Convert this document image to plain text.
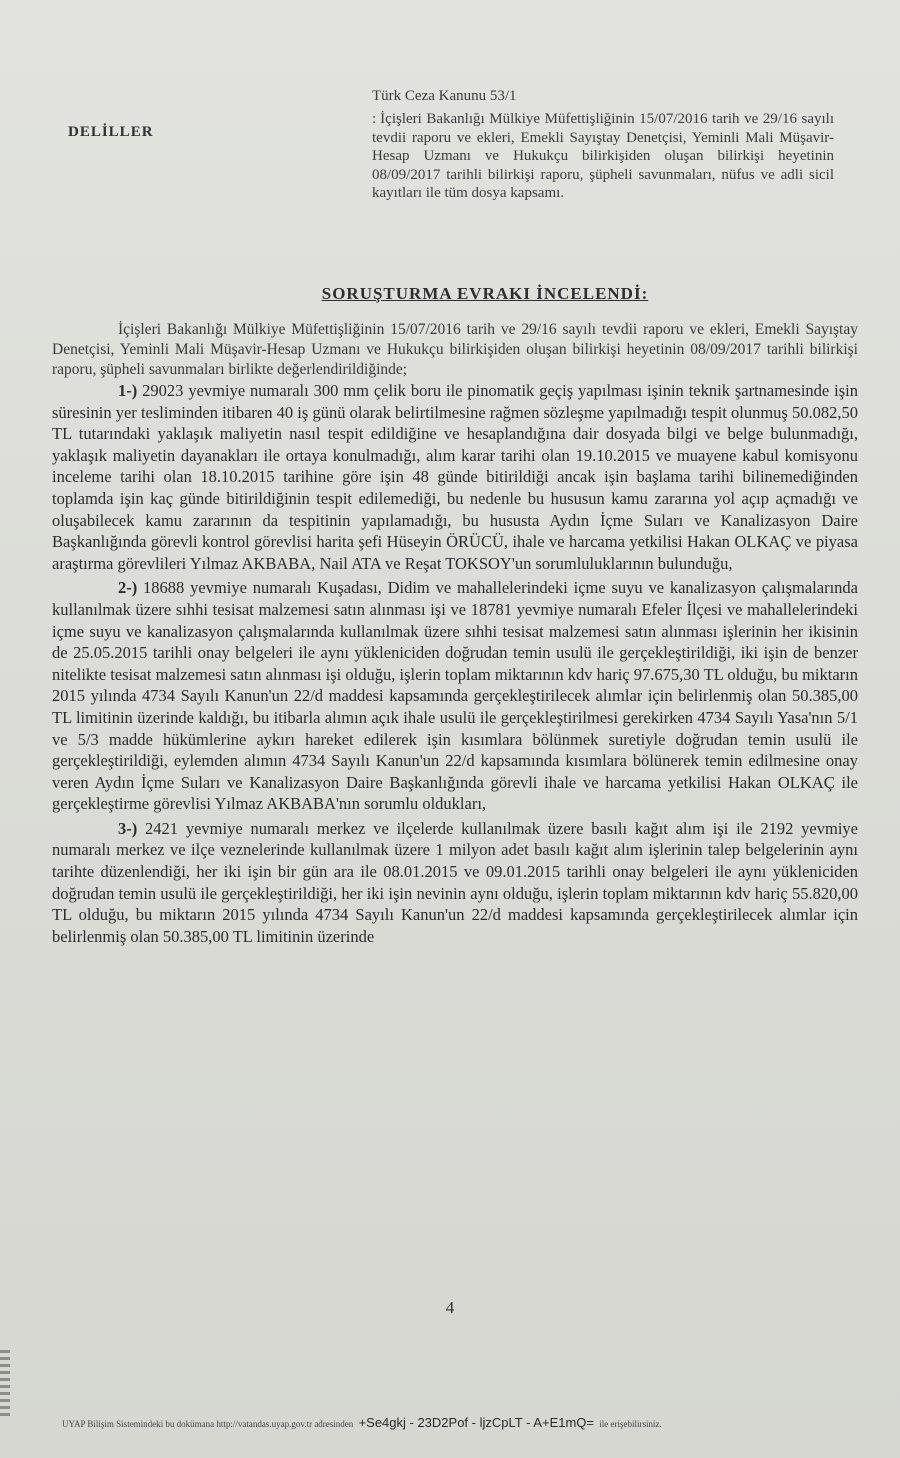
Türk Ceza Kanunu 53/1
DELİLLER
: İçişleri Bakanlığı Mülkiye Müfettişliğinin 15/07/2016 tarih ve 29/16 sayılı tevdii raporu ve ekleri, Emekli Sayıştay Denetçisi, Yeminli Mali Müşavir-Hesap Uzmanı ve Hukukçu bilirkişiden oluşan bilirkişi heyetinin 08/09/2017 tarihli bilirkişi raporu, şüpheli savunmaları, nüfus ve adli sicil kayıtları ile tüm dosya kapsamı.
SORUŞTURMA EVRAKI İNCELENDİ:

İçişleri Bakanlığı Mülkiye Müfettişliğinin 15/07/2016 tarih ve 29/16 sayılı tevdii raporu ve ekleri, Emekli Sayıştay Denetçisi, Yeminli Mali Müşavir-Hesap Uzmanı ve Hukukçu bilirkişiden oluşan bilirkişi heyetinin 08/09/2017 tarihli bilirkişi raporu, şüpheli savunmaları birlikte değerlendirildiğinde;

1-) 29023 yevmiye numaralı 300 mm çelik boru ile pinomatik geçiş yapılması işinin teknik şartnamesinde işin süresinin yer tesliminden itibaren 40 iş günü olarak belirtilmesine rağmen sözleşme yapılmadığı tespit olunmuş 50.082,50 TL tutarındaki yaklaşık maliyetin nasıl tespit edildiğine ve hesaplandığına dair dosyada bilgi ve belge bulunmadığı, yaklaşık maliyetin dayanakları ile ortaya konulmadığı, alım karar tarihi olan 19.10.2015 ve muayene kabul komisyonu inceleme tarihi olan 18.10.2015 tarihine göre işin 48 günde bitirildiği ancak işin başlama tarihi bilinemediğinden toplamda işin kaç günde bitirildiğinin tespit edilemediği, bu nedenle bu hususun kamu zararına yol açıp açmadığı ve oluşabilecek kamu zararının da tespitinin yapılamadığı, bu hususta Aydın İçme Suları ve Kanalizasyon Daire Başkanlığında görevli kontrol görevlisi harita şefi Hüseyin ÖRÜCÜ, ihale ve harcama yetkilisi Hakan OLKAÇ ve piyasa araştırma görevlileri Yılmaz AKBABA, Nail ATA ve Reşat TOKSOY'un sorumluluklarının bulunduğu,

2-) 18688 yevmiye numaralı Kuşadası, Didim ve mahallelerindeki içme suyu ve kanalizasyon çalışmalarında kullanılmak üzere sıhhi tesisat malzemesi satın alınması işi ve 18781 yevmiye numaralı Efeler İlçesi ve mahallelerindeki içme suyu ve kanalizasyon çalışmalarında kullanılmak üzere sıhhi tesisat malzemesi satın alınması işlerinin her ikisinin de 25.05.2015 tarihli onay belgeleri ile aynı yükleniciden doğrudan temin usulü ile gerçekleştirildiği, iki işin de benzer nitelikte tesisat malzemesi satın alınması işi olduğu, işlerin toplam miktarının kdv hariç 97.675,30 TL olduğu, bu miktarın 2015 yılında 4734 Sayılı Kanun'un 22/d maddesi kapsamında gerçekleştirilecek alımlar için belirlenmiş olan 50.385,00 TL limitinin üzerinde kaldığı, bu itibarla alımın açık ihale usulü ile gerçekleştirilmesi gerekirken 4734 Sayılı Yasa'nın 5/1 ve 5/3 madde hükümlerine aykırı hareket edilerek işin kısımlara bölünmek suretiyle doğrudan temin usulü ile gerçekleştirildiği, eylemden alımın 4734 Sayılı Kanun'un 22/d kapsamında kısımlara bölünerek temin edilmesine onay veren Aydın İçme Suları ve Kanalizasyon Daire Başkanlığında görevli ihale ve harcama yetkilisi Hakan OLKAÇ ile gerçekleştirme görevlisi Yılmaz AKBABA'nın sorumlu oldukları,

3-) 2421 yevmiye numaralı merkez ve ilçelerde kullanılmak üzere basılı kağıt alım işi ile 2192 yevmiye numaralı merkez ve ilçe veznelerinde kullanılmak üzere 1 milyon adet basılı kağıt alım işlerinin talep belgelerinin aynı tarihte düzenlendiği, her iki işin bir gün ara ile 08.01.2015 ve 09.01.2015 tarihli onay belgeleri ile aynı yükleniciden doğrudan temin usulü ile gerçekleştirildiği, her iki işin nevinin aynı olduğu, işlerin toplam miktarının kdv hariç 55.820,00 TL olduğu, bu miktarın 2015 yılında 4734 Sayılı Kanun'un 22/d maddesi kapsamında gerçekleştirilecek alımlar için belirlenmiş olan 50.385,00 TL limitinin üzerinde

4
UYAP Bilişim Sistemindeki bu dokümana http://vatandas.uyap.gov.tr adresinden +Se4gkj - 23D2Pof - ljzCpLT - A+E1mQ= ile erişebilirsiniz.
